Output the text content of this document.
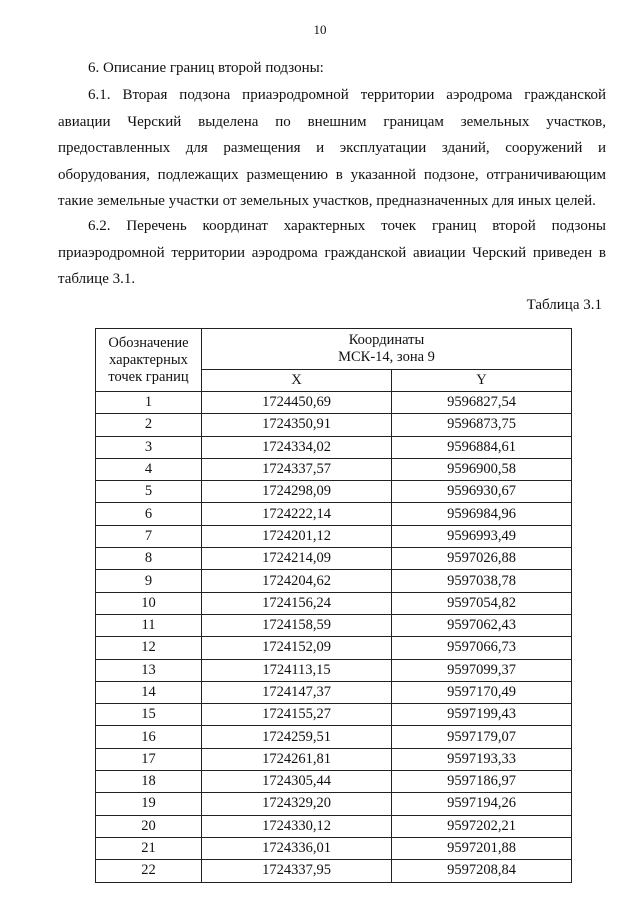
10
6. Описание границ второй подзоны:
6.1. Вторая подзона приаэродромной территории аэродрома гражданской авиации Черский выделена по внешним границам земельных участков, предоставленных для размещения и эксплуатации зданий, сооружений и оборудования, подлежащих размещению в указанной подзоне, отграничивающим такие земельные участки от земельных участков, предназначенных для иных целей.
6.2. Перечень координат характерных точек границ второй подзоны приаэродромной территории аэродрома гражданской авиации Черский приведен в таблице 3.1.
Таблица 3.1
Обозначение характерных точек границ	Координаты
МСК-14, зона 9	

	X	Y
1	1724450,69	9596827,54
2	1724350,91	9596873,75
3	1724334,02	9596884,61
4	1724337,57	9596900,58
5	1724298,09	9596930,67
6	1724222,14	9596984,96
7	1724201,12	9596993,49
8	1724214,09	9597026,88
9	1724204,62	9597038,78
10	1724156,24	9597054,82
11	1724158,59	9597062,43
12	1724152,09	9597066,73
13	1724113,15	9597099,37
14	1724147,37	9597170,49
15	1724155,27	9597199,43
16	1724259,51	9597179,07
17	1724261,81	9597193,33
18	1724305,44	9597186,97
19	1724329,20	9597194,26
20	1724330,12	9597202,21
21	1724336,01	9597201,88
22	1724337,95	9597208,84
